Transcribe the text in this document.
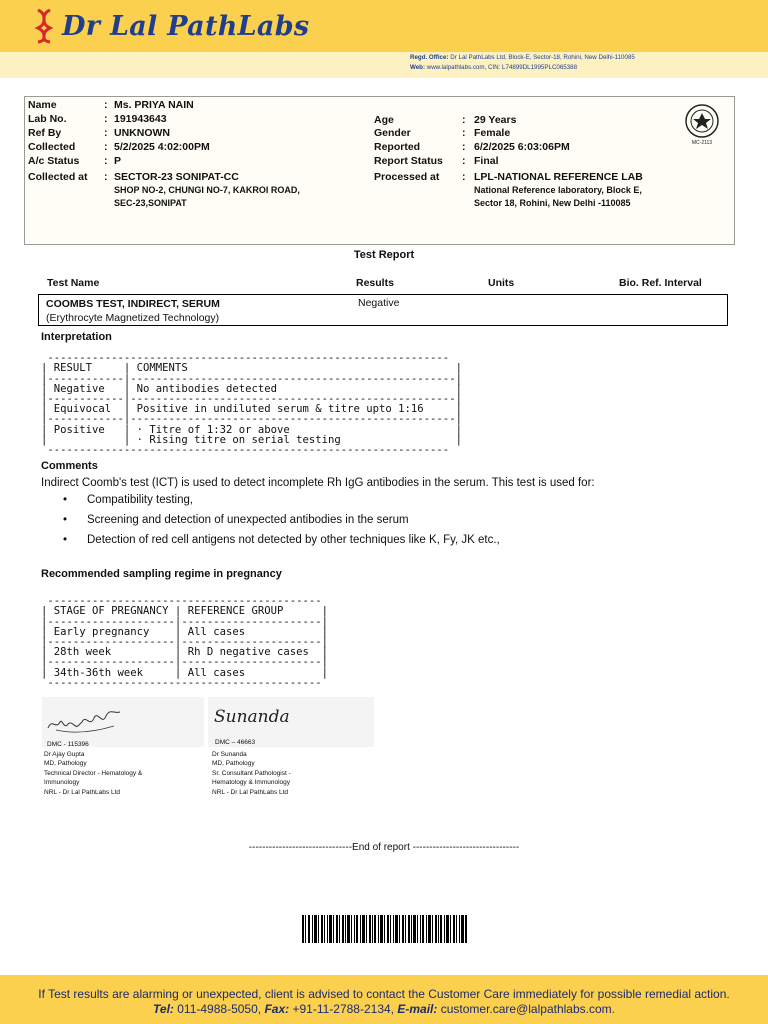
Dr Lal PathLabs
Regd. Office: Dr Lal PathLabs Ltd, Block-E, Sector-18, Rohini, New Delhi-110085
Web: www.lalpathlabs.com, CIN: L74899DL1995PLC065388
Name	: Ms. PRIYA NAIN
Lab No.	: 191943643
Ref By	: UNKNOWN
Collected	: 5/2/2025 4:02:00PM
A/c Status : P
Collected at : SECTOR-23 SONIPAT-CC
SHOP NO-2, CHUNGI NO-7, KAKROI ROAD,
SEC-23,SONIPAT
Age	: 29 Years
Gender	: Female
Reported	: 6/2/2025 6:03:06PM
Report Status : Final
Processed at : LPL-NATIONAL REFERENCE LAB
National Reference laboratory, Block E,
Sector 18, Rohini, New Delhi -110085
MC-2113
Test Report
Test Name	Results	Units	Bio. Ref. Interval
COOMBS TEST, INDIRECT, SERUM
(Erythrocyte Magnetized Technology)
Negative
Interpretation

---------------------------------------------------------------
| RESULT     | COMMENTS                                          |
|------------|---------------------------------------------------|
| Negative   | No antibodies detected                            |
|------------|---------------------------------------------------|
| Equivocal  | Positive in undiluted serum & titre upto 1:16     |
|------------|---------------------------------------------------|
| Positive   | · Titre of 1:32 or above                          |
|            | · Rising titre on serial testing                  |
---------------------------------------------------------------

Comments
Indirect Coomb's test (ICT) is used to detect incomplete Rh IgG antibodies in the serum. This test is used for:
• Compatibility testing,
• Screening and detection of unexpected antibodies in the serum
• Detection of red cell antigens not detected by other techniques like K, Fy, JK etc.,
Recommended sampling regime in pregnancy

-------------------------------------------
| STAGE OF PREGNANCY | REFERENCE GROUP      |
|--------------------|----------------------|
| Early pregnancy    | All cases            |
|--------------------|----------------------|
| 28th week          | Rh D negative cases  |
|--------------------|----------------------|
| 34th-36th week     | All cases            |
-------------------------------------------

Sunanda
DMC - 115396
Dr Ajay Gupta
MD, Pathology
Technical Director - Hematology &
Immunology
NRL - Dr Lal PathLabs Ltd
DMC – 46663
Dr Sunanda
MD, Pathology
Sr. Consultant Pathologist -
Hematology & Immunology
NRL - Dr Lal PathLabs Ltd
-------------------------------End of report --------------------------------
If Test results are alarming or unexpected, client is advised to contact the Customer Care immediately for possible remedial action.
Tel: 011-4988-5050, Fax: +91-11-2788-2134, E-mail: customer.care@lalpathlabs.com.
